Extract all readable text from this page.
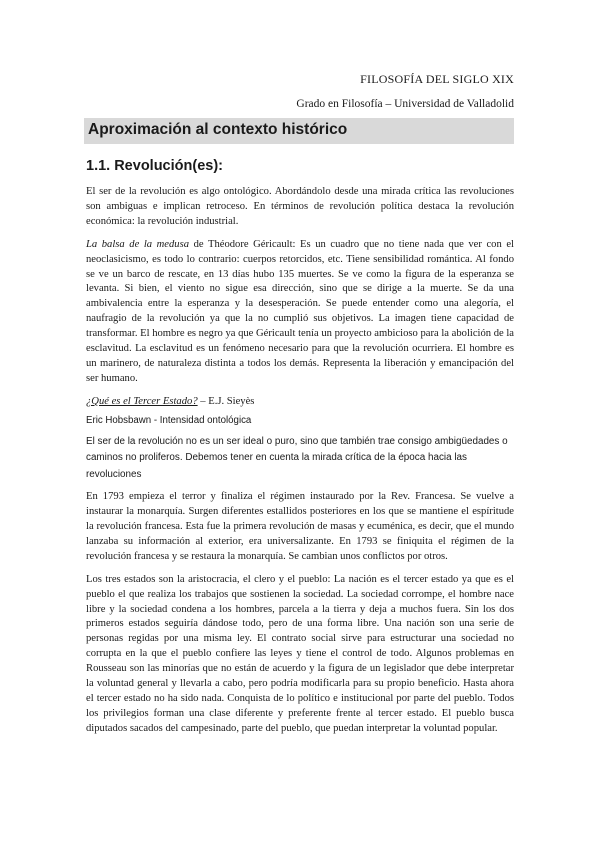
FILOSOFÍA DEL SIGLO XIX
Grado en Filosofía – Universidad de Valladolid
Aproximación al contexto histórico
1.1. Revolución(es):

El ser de la revolución es algo ontológico. Abordándolo desde una mirada crítica las revoluciones son ambiguas e implican retroceso. En términos de revolución política destaca la revolución económica: la revolución industrial.

La balsa de la medusa de Théodore Géricault: Es un cuadro que no tiene nada que ver con el neoclasicismo, es todo lo contrario: cuerpos retorcidos, etc. Tiene sensibilidad romántica. Al fondo se ve un barco de rescate, en 13 días hubo 135 muertes. Se ve como la figura de la esperanza se levanta. Si bien, el viento no sigue esa dirección, sino que se dirige a la muerte. Se da una ambivalencia entre la esperanza y la desesperación. Se puede entender como una alegoría, el naufragio de la revolución ya que la no cumplió sus objetivos. La imagen tiene capacidad de transformar. El hombre es negro ya que Géricault tenía un proyecto ambicioso para la abolición de la esclavitud. La esclavitud es un fenómeno necesario para que la revolución ocurriera. El hombre es un marinero, de naturaleza distinta a todos los demás. Representa la liberación y emancipación del ser humano.

¿Qué es el Tercer Estado? – E.J. Sieyès

Eric Hobsbawn - Intensidad ontológica
El ser de la revolución no es un ser ideal o puro, sino que también trae consigo ambigüedades o caminos no proliferos. Debemos tener en cuenta la mirada crítica de la época hacia las revoluciones

En 1793 empieza el terror y finaliza el régimen instaurado por la Rev. Francesa. Se vuelve a instaurar la monarquía. Surgen diferentes estallidos posteriores en los que se mantiene el espíritude la revolución francesa. Esta fue la primera revolución de masas y ecuménica, es decir, que el mundo lanzaba su información al exterior, era universalizante. En 1793 se finiquita el régimen de la revolución francesa y se restaura la monarquía. Se cambian unos conflictos por otros.

Los tres estados son la aristocracia, el clero y el pueblo: La nación es el tercer estado ya que es el pueblo el que realiza los trabajos que sostienen la sociedad. La sociedad corrompe, el hombre nace libre y la sociedad condena a los hombres, parcela a la tierra y deja a muchos fuera. Sin los dos primeros estados seguiría dándose todo, pero de una forma libre. Una nación son una serie de personas regidas por una misma ley. El contrato social sirve para estructurar una sociedad no corrupta en la que el pueblo confiere las leyes y tiene el control de todo. Algunos problemas en Rousseau son las minorías que no están de acuerdo y la figura de un legislador que debe interpretar la voluntad general y llevarla a cabo, pero podría modificarla para su propio beneficio. Hasta ahora el tercer estado no ha sido nada. Conquista de lo político e institucional por parte del pueblo. Todos los privilegios forman una clase diferente y preferente frente al tercer estado. El pueblo busca diputados sacados del campesinado, parte del pueblo, que puedan interpretar la voluntad popular.
